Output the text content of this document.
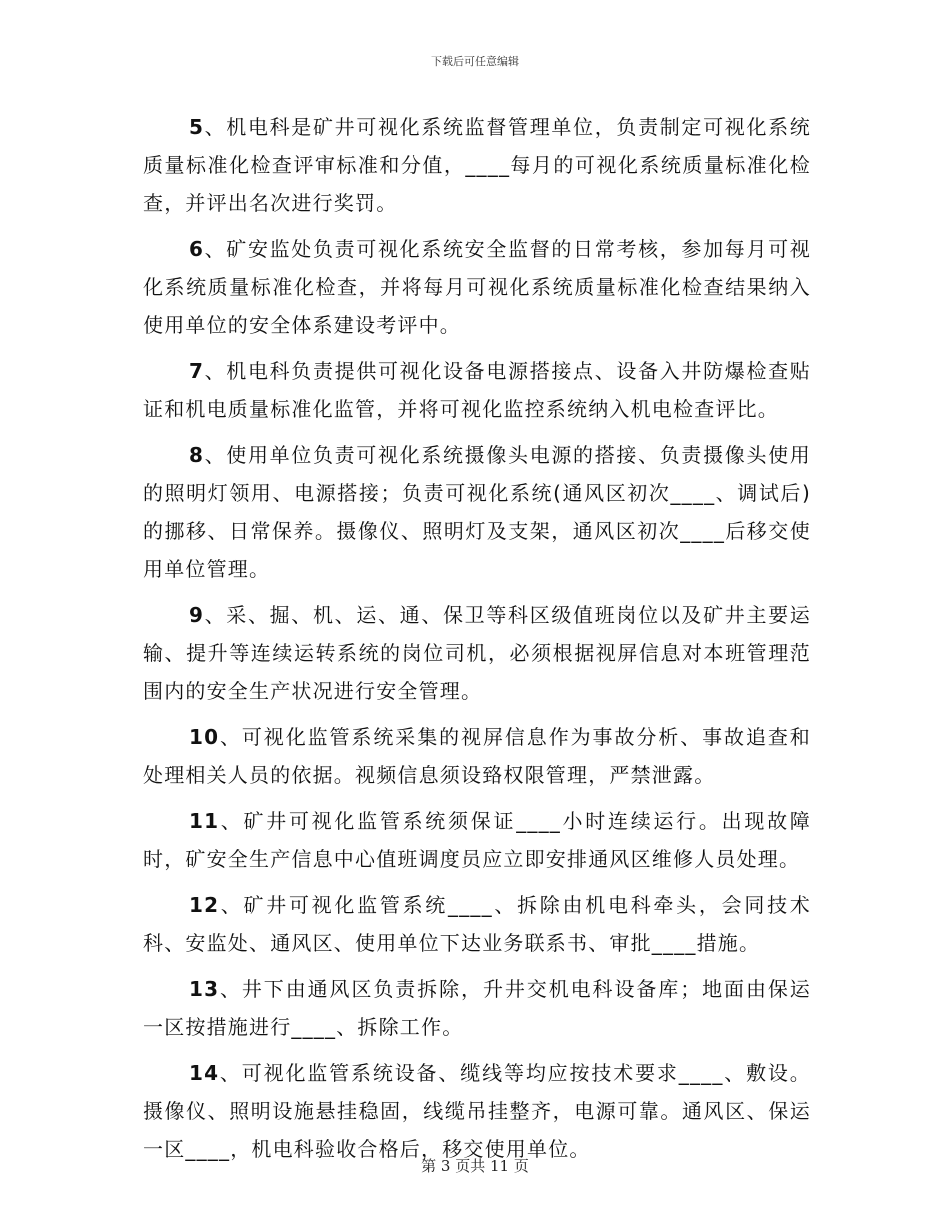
下载后可任意编辑

5、机电科是矿井可视化系统监督管理单位，负责制定可视化系统质量标准化检查评审标准和分值，____每月的可视化系统质量标准化检查，并评出名次进行奖罚。

6、矿安监处负责可视化系统安全监督的日常考核，参加每月可视化系统质量标准化检查，并将每月可视化系统质量标准化检查结果纳入使用单位的安全体系建设考评中。

7、机电科负责提供可视化设备电源搭接点、设备入井防爆检查贴证和机电质量标准化监管，并将可视化监控系统纳入机电检查评比。

8、使用单位负责可视化系统摄像头电源的搭接、负责摄像头使用的照明灯领用、电源搭接；负责可视化系统(通风区初次____、调试后)的挪移、日常保养。摄像仪、照明灯及支架，通风区初次____后移交使用单位管理。

9、采、掘、机、运、通、保卫等科区级值班岗位以及矿井主要运输、提升等连续运转系统的岗位司机，必须根据视屏信息对本班管理范围内的安全生产状况进行安全管理。

10、可视化监管系统采集的视屏信息作为事故分析、事故追查和处理相关人员的依据。视频信息须设臵权限管理，严禁泄露。

11、矿井可视化监管系统须保证____小时连续运行。出现故障时，矿安全生产信息中心值班调度员应立即安排通风区维修人员处理。

12、矿井可视化监管系统____、拆除由机电科牵头，会同技术科、安监处、通风区、使用单位下达业务联系书、审批____措施。

13、井下由通风区负责拆除，升井交机电科设备库；地面由保运一区按措施进行____、拆除工作。

14、可视化监管系统设备、缆线等均应按技术要求____、敷设。摄像仪、照明设施悬挂稳固，线缆吊挂整齐，电源可靠。通风区、保运一区____，机电科验收合格后，移交使用单位。

第 3 页共 11 页
